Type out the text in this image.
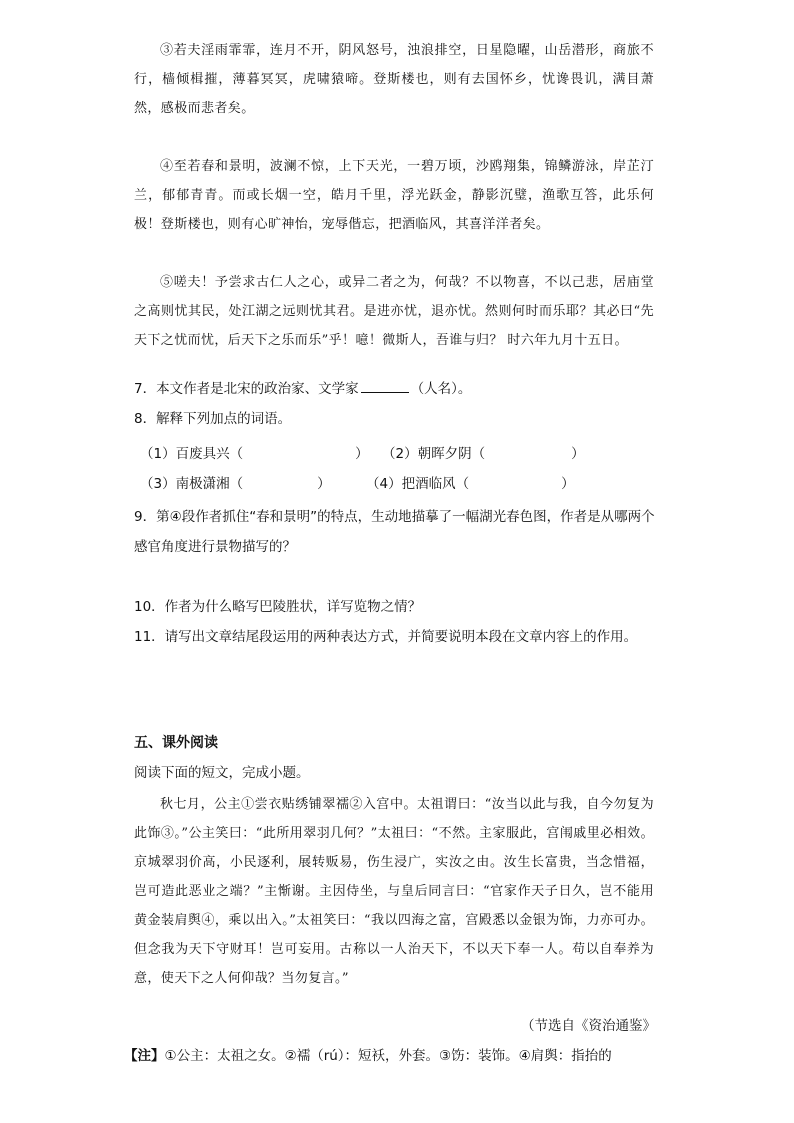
③若夫淫雨霏霏，连月不开，阴风怒号，浊浪排空，日星隐曜，山岳潜形，商旅不行，樯倾楫摧，薄暮冥冥，虎啸猿啼。登斯楼也，则有去国怀乡，忧谗畏讥，满目萧然，感极而悲者矣。

④至若春和景明，波澜不惊，上下天光，一碧万顷，沙鸥翔集，锦鳞游泳，岸芷汀兰，郁郁青青。而或长烟一空，皓月千里，浮光跃金，静影沉璧，渔歌互答，此乐何极！登斯楼也，则有心旷神怡，宠辱偕忘，把酒临风，其喜洋洋者矣。

⑤嗟夫！予尝求古仁人之心，或异二者之为，何哉？不以物喜，不以己悲，居庙堂之高则忧其民，处江湖之远则忧其君。是进亦忧，退亦忧。然则何时而乐耶？其必曰“先天下之忧而忧，后天下之乐而乐”乎！噫！微斯人，吾谁与归？ 时六年九月十五日。

7．本文作者是北宋的政治家、文学家	（人名）。
8．解释下列加点的词语。
（1）百废具兴（	） （2）朝晖夕阴（	）
（3）南极潇湘（	）	（4）把酒临风（	）
9．第④段作者抓住“春和景明”的特点，生动地描摹了一幅湖光春色图，作者是从哪两个感官角度进行景物描写的？
10．作者为什么略写巴陵胜状，详写览物之情？
11．请写出文章结尾段运用的两种表达方式，并简要说明本段在文章内容上的作用。
五、课外阅读
阅读下面的短文，完成小题。

秋七月，公主①尝衣贴绣铺翠襦②入宫中。太祖谓曰：“汝当以此与我，自今勿复为此饰③。”公主笑曰：“此所用翠羽几何？”太祖曰：“不然。主家服此，宫闱戚里必相效。京城翠羽价高，小民逐利，展转贩易，伤生浸广，实汝之由。汝生长富贵，当念惜福，岂可造此恶业之端？”主惭谢。主因侍坐，与皇后同言曰：“官家作天子日久，岂不能用黄金装肩舆④，乘以出入。”太祖笑曰：“我以四海之富，宫殿悉以金银为饰，力亦可办。但念我为天下守财耳！岂可妄用。古称以一人治天下，不以天下奉一人。苟以自奉养为意，使天下之人何仰哉？当勿复言。”

（节选自《资治通鉴》
【注】①公主：太祖之女。②襦（rú）：短袄，外套。③饬：装饰。④肩舆：指抬的
